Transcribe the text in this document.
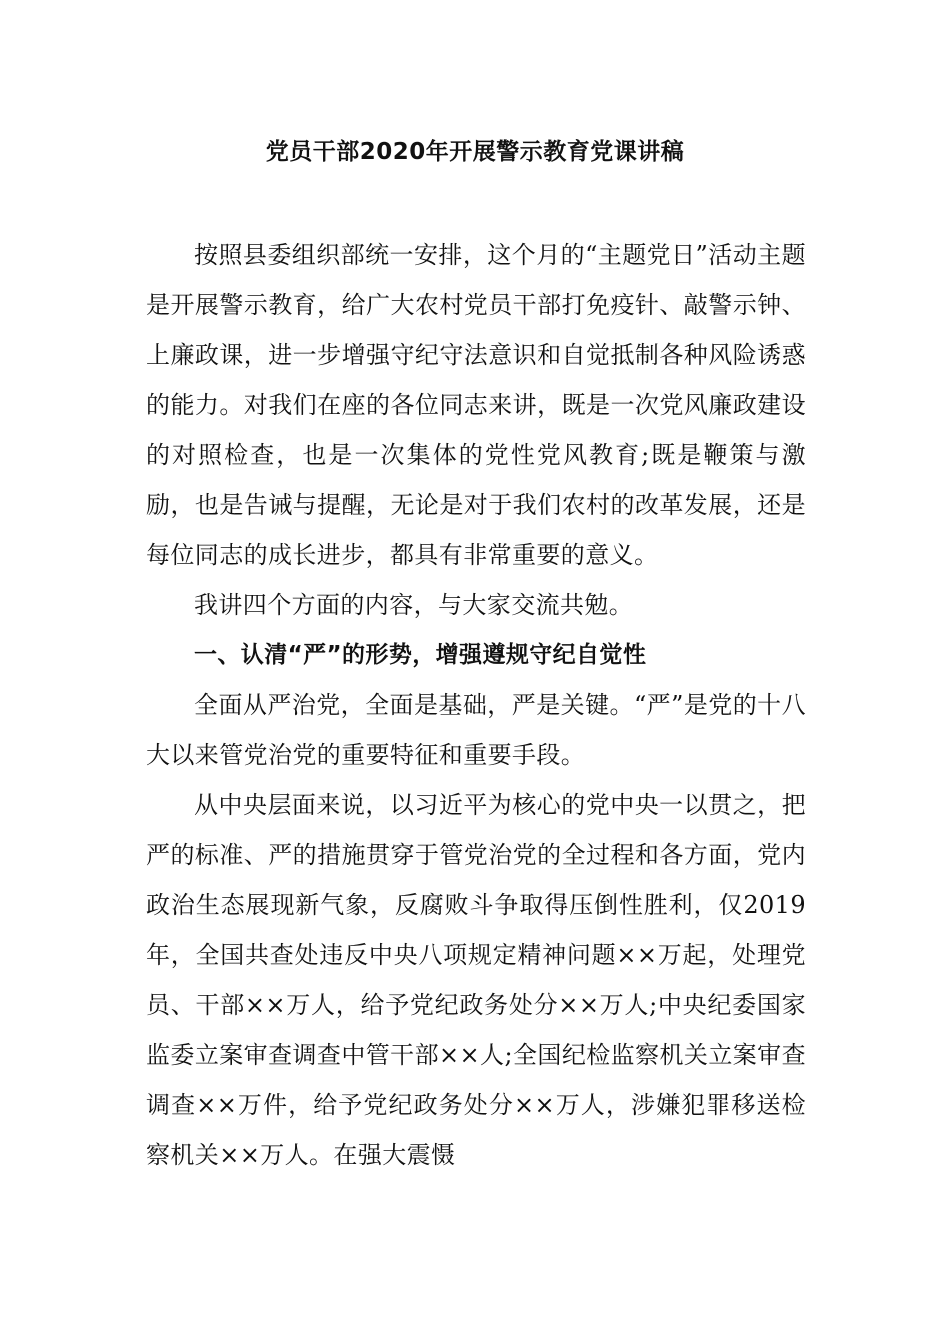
党员干部2020年开展警示教育党课讲稿

按照县委组织部统一安排，这个月的“主题党日”活动主题是开展警示教育，给广大农村党员干部打免疫针、敲警示钟、上廉政课，进一步增强守纪守法意识和自觉抵制各种风险诱惑的能力。对我们在座的各位同志来讲，既是一次党风廉政建设的对照检查，也是一次集体的党性党风教育;既是鞭策与激励，也是告诫与提醒，无论是对于我们农村的改革发展，还是每位同志的成长进步，都具有非常重要的意义。

我讲四个方面的内容，与大家交流共勉。

一、认清“严”的形势，增强遵规守纪自觉性

全面从严治党，全面是基础，严是关键。“严”是党的十八大以来管党治党的重要特征和重要手段。

从中央层面来说，以习近平为核心的党中央一以贯之，把严的标准、严的措施贯穿于管党治党的全过程和各方面，党内政治生态展现新气象，反腐败斗争取得压倒性胜利，仅2019年，全国共查处违反中央八项规定精神问题××万起，处理党员、干部××万人，给予党纪政务处分××万人;中央纪委国家监委立案审查调查中管干部××人;全国纪检监察机关立案审查调查××万件，给予党纪政务处分××万人，涉嫌犯罪移送检察机关××万人。在强大震慑
